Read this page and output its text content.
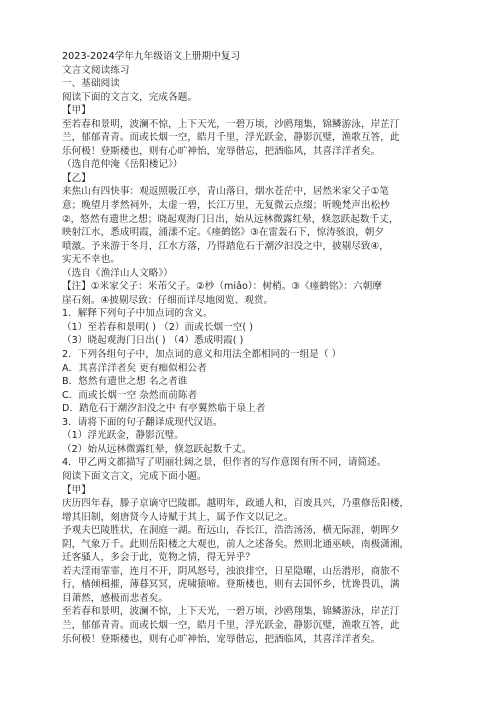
2023-2024学年九年级语文上册期中复习
文言文阅读练习
一、基础阅读
阅读下面的文言文，完成各题。
【甲】
至若春和景明，波澜不惊，上下天光，一碧万顷，沙鸥翔集，锦鳞游泳，岸芷汀
兰，郁郁青青。而或长烟一空，皓月千里，浮光跃金，静影沉璧，渔歌互答，此
乐何极！登斯楼也，则有心旷神怡，宠辱偕忘，把酒临风，其喜洋洋者矣。
（选自范仲淹《岳阳楼记》）
【乙】
来焦山有四快事：观返照吸江亭，青山落日，烟水苍茫中，居然米家父子①笔
意；晚望月孝然祠外，太虚一碧，长江万里，无复微云点缀；听晚梵声出松杪
②，悠然有遗世之想；晓起观海门日出，始从远林微露红晕，倏忽跃起数千丈，
映射江水，悉成明霞，涌漾不定。《瘗鹤铭》③在雷轰石下，惊涛骇浪，朝夕
喷激。予来游于冬月，江水方落，乃得踏危石于潮汐汩没之中，披剔尽致④，
实无不幸也。
（选自《渔洋山人文略》）
【注】①米家父子：米芾父子。②杪（miǎo）：树梢。③《瘗鹤铭》：六朝摩
崖石刻。④披剔尽致：仔细而详尽地阅览、观赏。
1．解释下列句子中加点词的含义。
（1）至若春和景明( ) （2）而或长烟一空( )
（3）晓起观海门日出( ) （4）悉成明霞( )
2．下列各组句子中，加点词的意义和用法全都相同的一组是（ ）
A．其喜洋洋者矣 更有痴似相公者
B．悠然有遗世之想 名之者谁
C．而或长烟一空 杂然而前陈者
D．踏危石于潮汐汩没之中 有亭翼然临于泉上者
3．请将下面的句子翻译成现代汉语。
（1）浮光跃金，静影沉璧。
（2）始从远林微露红晕，倏忽跃起数千丈。
4．甲乙两文都描写了明丽壮阔之景，但作者的写作意图有所不同，请简述。
阅读下面文言文，完成下面小题。
【甲】
庆历四年春，滕子京谪守巴陵郡。越明年，政通人和，百废具兴，乃重修岳阳楼，
增其旧制，刻唐贤今人诗赋于其上，属予作文以记之。
予观夫巴陵胜状，在洞庭一湖。衔远山，吞长江，浩浩汤汤，横无际涯，朝晖夕
阴，气象万千。此则岳阳楼之大观也，前人之述备矣。然则北通巫峡，南极潇湘，
迁客骚人，多会于此，览物之情，得无异乎？
若夫淫雨霏霏，连月不开，阴风怒号，浊浪排空，日星隐曜，山岳潜形，商旅不
行，樯倾楫摧，薄暮冥冥，虎啸猿啼。登斯楼也，则有去国怀乡，忧谗畏讥，满
目萧然，感极而悲者矣。
至若春和景明，波澜不惊，上下天光，一碧万顷，沙鸥翔集，锦鳞游泳，岸芷汀
兰，郁郁青青。而或长烟一空，皓月千里，浮光跃金，静影沉璧，渔歌互答，此
乐何极！登斯楼也，则有心旷神怡，宠辱偕忘，把酒临风，其喜洋洋者矣。
